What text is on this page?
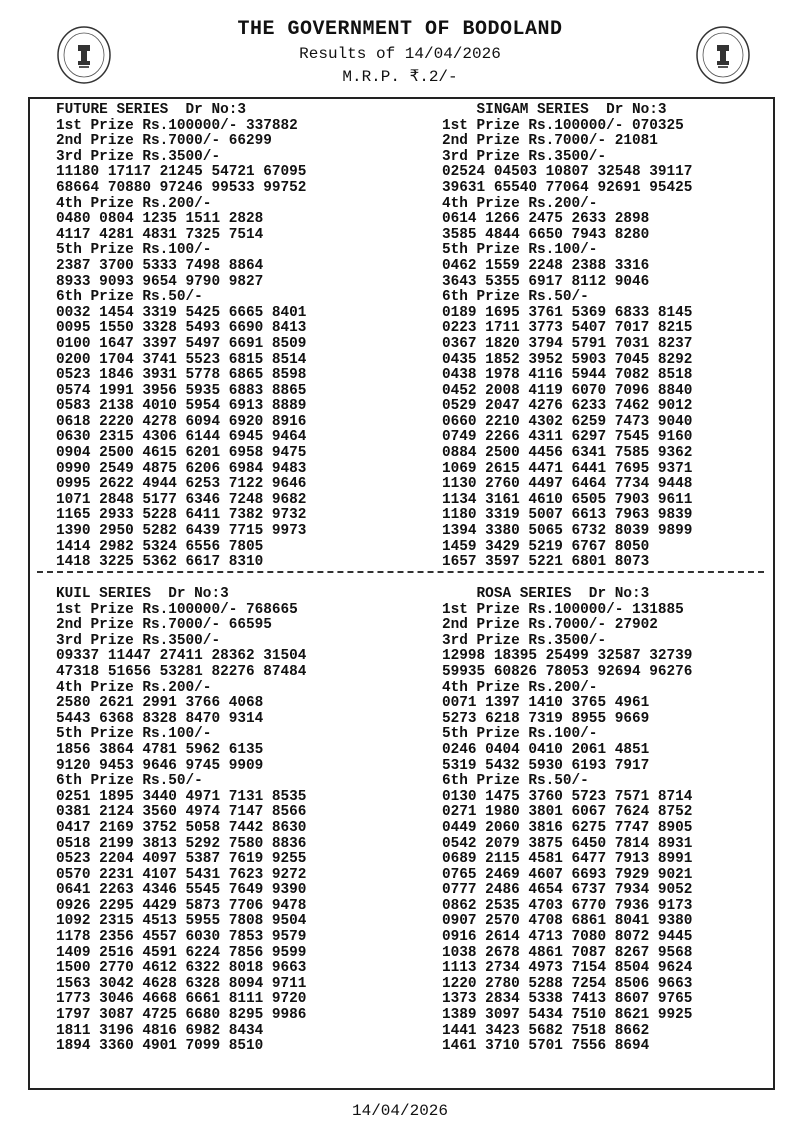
THE GOVERNMENT OF BODOLAND
Results of 14/04/2026
M.R.P. ₹.2/-
FUTURE SERIES  Dr No:3
1st Prize Rs.100000/- 337882
2nd Prize Rs.7000/- 66299
3rd Prize Rs.3500/-
11180 17117 21245 54721 67095
68664 70880 97246 99533 99752
4th Prize Rs.200/-
0480 0804 1235 1511 2828
4117 4281 4831 7325 7514
5th Prize Rs.100/-
2387 3700 5333 7498 8864
8933 9093 9654 9790 9827
6th Prize Rs.50/-
0032 1454 3319 5425 6665 8401
0095 1550 3328 5493 6690 8413
0100 1647 3397 5497 6691 8509
0200 1704 3741 5523 6815 8514
0523 1846 3931 5778 6865 8598
0574 1991 3956 5935 6883 8865
0583 2138 4010 5954 6913 8889
0618 2220 4278 6094 6920 8916
0630 2315 4306 6144 6945 9464
0904 2500 4615 6201 6958 9475
0990 2549 4875 6206 6984 9483
0995 2622 4944 6253 7122 9646
1071 2848 5177 6346 7248 9682
1165 2933 5228 6411 7382 9732
1390 2950 5282 6439 7715 9973
1414 2982 5324 6556 7805
1418 3225 5362 6617 8310
SINGAM SERIES  Dr No:3
1st Prize Rs.100000/- 070325
2nd Prize Rs.7000/- 21081
3rd Prize Rs.3500/-
02524 04503 10807 32548 39117
39631 65540 77064 92691 95425
4th Prize Rs.200/-
0614 1266 2475 2633 2898
3585 4844 6650 7943 8280
5th Prize Rs.100/-
0462 1559 2248 2388 3316
3643 5355 6917 8112 9046
6th Prize Rs.50/-
0189 1695 3761 5369 6833 8145
0223 1711 3773 5407 7017 8215
0367 1820 3794 5791 7031 8237
0435 1852 3952 5903 7045 8292
0438 1978 4116 5944 7082 8518
0452 2008 4119 6070 7096 8840
0529 2047 4276 6233 7462 9012
0660 2210 4302 6259 7473 9040
0749 2266 4311 6297 7545 9160
0884 2500 4456 6341 7585 9362
1069 2615 4471 6441 7695 9371
1130 2760 4497 6464 7734 9448
1134 3161 4610 6505 7903 9611
1180 3319 5007 6613 7963 9839
1394 3380 5065 6732 8039 9899
1459 3429 5219 6767 8050
1657 3597 5221 6801 8073
KUIL SERIES  Dr No:3
1st Prize Rs.100000/- 768665
2nd Prize Rs.7000/- 66595
3rd Prize Rs.3500/-
09337 11447 27411 28362 31504
47318 51656 53281 82276 87484
4th Prize Rs.200/-
2580 2621 2991 3766 4068
5443 6368 8328 8470 9314
5th Prize Rs.100/-
1856 3864 4781 5962 6135
9120 9453 9646 9745 9909
6th Prize Rs.50/-
0251 1895 3440 4971 7131 8535
0381 2124 3560 4974 7147 8566
0417 2169 3752 5058 7442 8630
0518 2199 3813 5292 7580 8836
0523 2204 4097 5387 7619 9255
0570 2231 4107 5431 7623 9272
0641 2263 4346 5545 7649 9390
0926 2295 4429 5873 7706 9478
1092 2315 4513 5955 7808 9504
1178 2356 4557 6030 7853 9579
1409 2516 4591 6224 7856 9599
1500 2770 4612 6322 8018 9663
1563 3042 4628 6328 8094 9711
1773 3046 4668 6661 8111 9720
1797 3087 4725 6680 8295 9986
1811 3196 4816 6982 8434
1894 3360 4901 7099 8510
ROSA SERIES  Dr No:3
1st Prize Rs.100000/- 131885
2nd Prize Rs.7000/- 27902
3rd Prize Rs.3500/-
12998 18395 25499 32587 32739
59935 60826 78053 92694 96276
4th Prize Rs.200/-
0071 1397 1410 3765 4961
5273 6218 7319 8955 9669
5th Prize Rs.100/-
0246 0404 0410 2061 4851
5319 5432 5930 6193 7917
6th Prize Rs.50/-
0130 1475 3760 5723 7571 8714
0271 1980 3801 6067 7624 8752
0449 2060 3816 6275 7747 8905
0542 2079 3875 6450 7814 8931
0689 2115 4581 6477 7913 8991
0765 2469 4607 6693 7929 9021
0777 2486 4654 6737 7934 9052
0862 2535 4703 6770 7936 9173
0907 2570 4708 6861 8041 9380
0916 2614 4713 7080 8072 9445
1038 2678 4861 7087 8267 9568
1113 2734 4973 7154 8504 9624
1220 2780 5288 7254 8506 9663
1373 2834 5338 7413 8607 9765
1389 3097 5434 7510 8621 9925
1441 3423 5682 7518 8662
1461 3710 5701 7556 8694
14/04/2026
